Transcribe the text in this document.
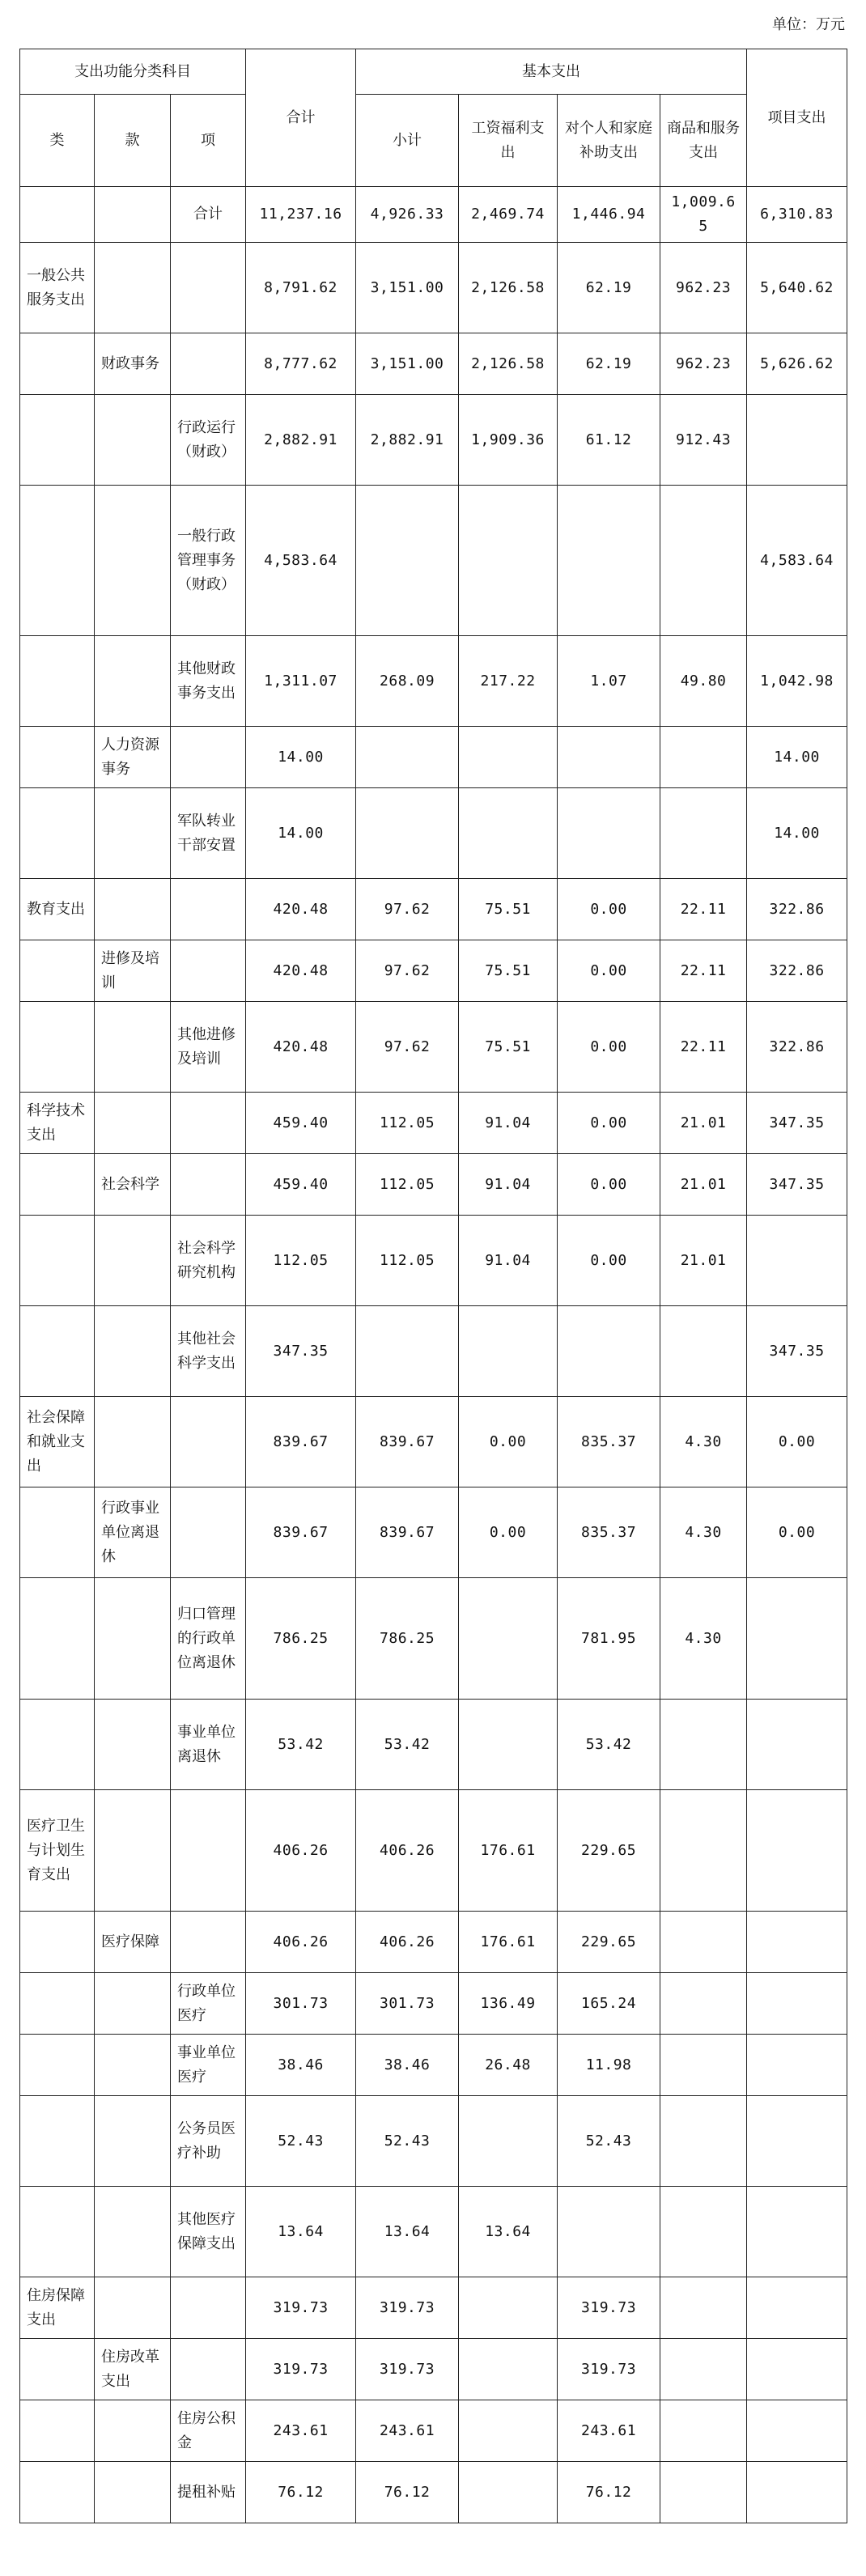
单位：万元
支出功能分类科目			合计	基本支出				项目支出
类	款	项		小计	工资福利支出	对个人和家庭补助支出	商品和服务支出	
		合计	11,237.16	4,926.33	2,469.74	1,446.94	1,009.65	6,310.83
一般公共服务支出			8,791.62	3,151.00	2,126.58	62.19	962.23	5,640.62
	财政事务		8,777.62	3,151.00	2,126.58	62.19	962.23	5,626.62
		行政运行（财政）	2,882.91	2,882.91	1,909.36	61.12	912.43	
		一般行政管理事务（财政）	4,583.64					4,583.64
		其他财政事务支出	1,311.07	268.09	217.22	1.07	49.80	1,042.98
	人力资源事务		14.00					14.00
		军队转业干部安置	14.00					14.00
教育支出			420.48	97.62	75.51	0.00	22.11	322.86
	进修及培训		420.48	97.62	75.51	0.00	22.11	322.86
		其他进修及培训	420.48	97.62	75.51	0.00	22.11	322.86
科学技术支出			459.40	112.05	91.04	0.00	21.01	347.35
	社会科学		459.40	112.05	91.04	0.00	21.01	347.35
		社会科学研究机构	112.05	112.05	91.04	0.00	21.01	
		其他社会科学支出	347.35					347.35
社会保障和就业支出			839.67	839.67	0.00	835.37	4.30	0.00
	行政事业单位离退休		839.67	839.67	0.00	835.37	4.30	0.00
		归口管理的行政单位离退休	786.25	786.25		781.95	4.30	
		事业单位离退休	53.42	53.42		53.42		
医疗卫生与计划生育支出			406.26	406.26	176.61	229.65		
	医疗保障		406.26	406.26	176.61	229.65		
		行政单位医疗	301.73	301.73	136.49	165.24		
		事业单位医疗	38.46	38.46	26.48	11.98		
		公务员医疗补助	52.43	52.43		52.43		
		其他医疗保障支出	13.64	13.64	13.64			
住房保障支出			319.73	319.73		319.73		
	住房改革支出		319.73	319.73		319.73		
		住房公积金	243.61	243.61		243.61		
		提租补贴	76.12	76.12		76.12		
